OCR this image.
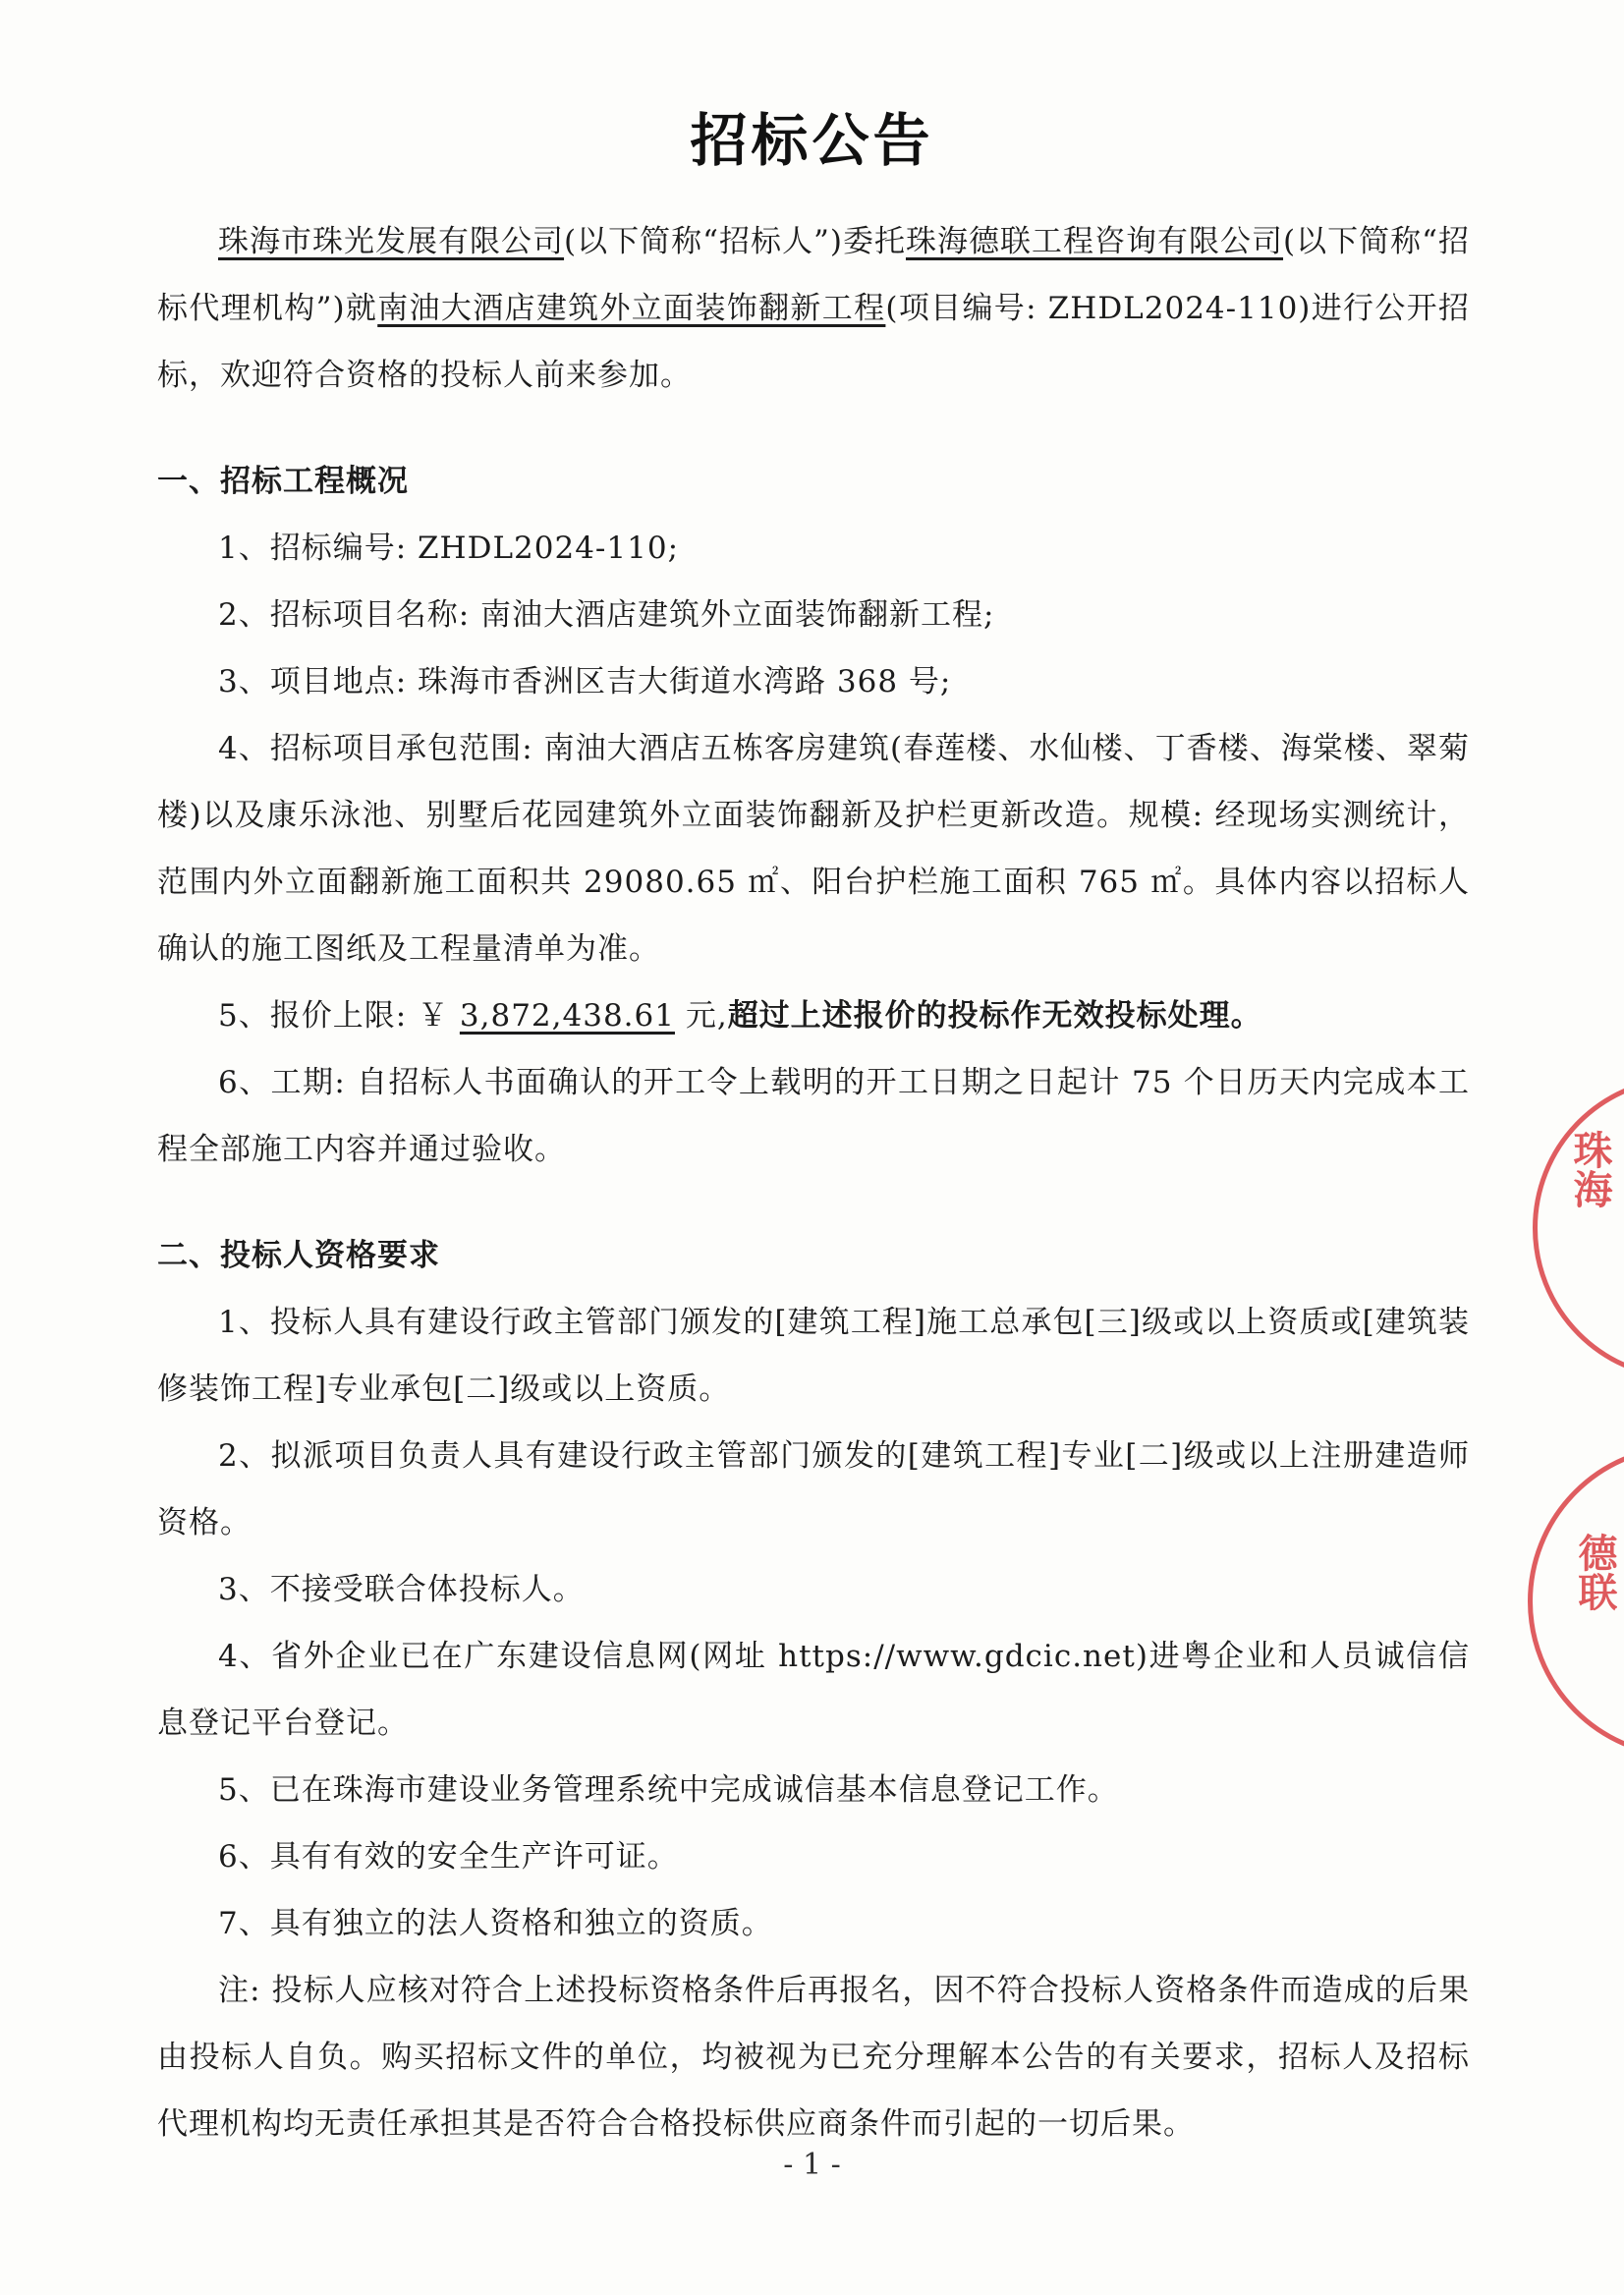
招标公告

珠海市珠光发展有限公司(以下简称“招标人”)委托珠海德联工程咨询有限公司(以下简称“招标代理机构”)就南油大酒店建筑外立面装饰翻新工程(项目编号: ZHDL2024-110)进行公开招标，欢迎符合资格的投标人前来参加。

一、招标工程概况

1、招标编号: ZHDL2024-110;

2、招标项目名称: 南油大酒店建筑外立面装饰翻新工程;

3、项目地点: 珠海市香洲区吉大街道水湾路 368 号;

4、招标项目承包范围: 南油大酒店五栋客房建筑(春莲楼、水仙楼、丁香楼、海棠楼、翠菊楼)以及康乐泳池、别墅后花园建筑外立面装饰翻新及护栏更新改造。规模: 经现场实测统计，范围内外立面翻新施工面积共 29080.65 ㎡、阳台护栏施工面积 765 ㎡。具体内容以招标人确认的施工图纸及工程量清单为准。

5、报价上限: ￥ 3,872,438.61 元,超过上述报价的投标作无效投标处理。

6、工期: 自招标人书面确认的开工令上载明的开工日期之日起计 75 个日历天内完成本工程全部施工内容并通过验收。

二、投标人资格要求

1、投标人具有建设行政主管部门颁发的[建筑工程]施工总承包[三]级或以上资质或[建筑装修装饰工程]专业承包[二]级或以上资质。

2、拟派项目负责人具有建设行政主管部门颁发的[建筑工程]专业[二]级或以上注册建造师资格。

3、不接受联合体投标人。

4、省外企业已在广东建设信息网(网址 https://www.gdcic.net)进粤企业和人员诚信信息登记平台登记。

5、已在珠海市建设业务管理系统中完成诚信基本信息登记工作。

6、具有有效的安全生产许可证。

7、具有独立的法人资格和独立的资质。

注: 投标人应核对符合上述投标资格条件后再报名，因不符合投标人资格条件而造成的后果由投标人自负。购买招标文件的单位，均被视为已充分理解本公告的有关要求，招标人及招标代理机构均无责任承担其是否符合合格投标供应商条件而引起的一切后果。

- 1 -
珠海
德联
